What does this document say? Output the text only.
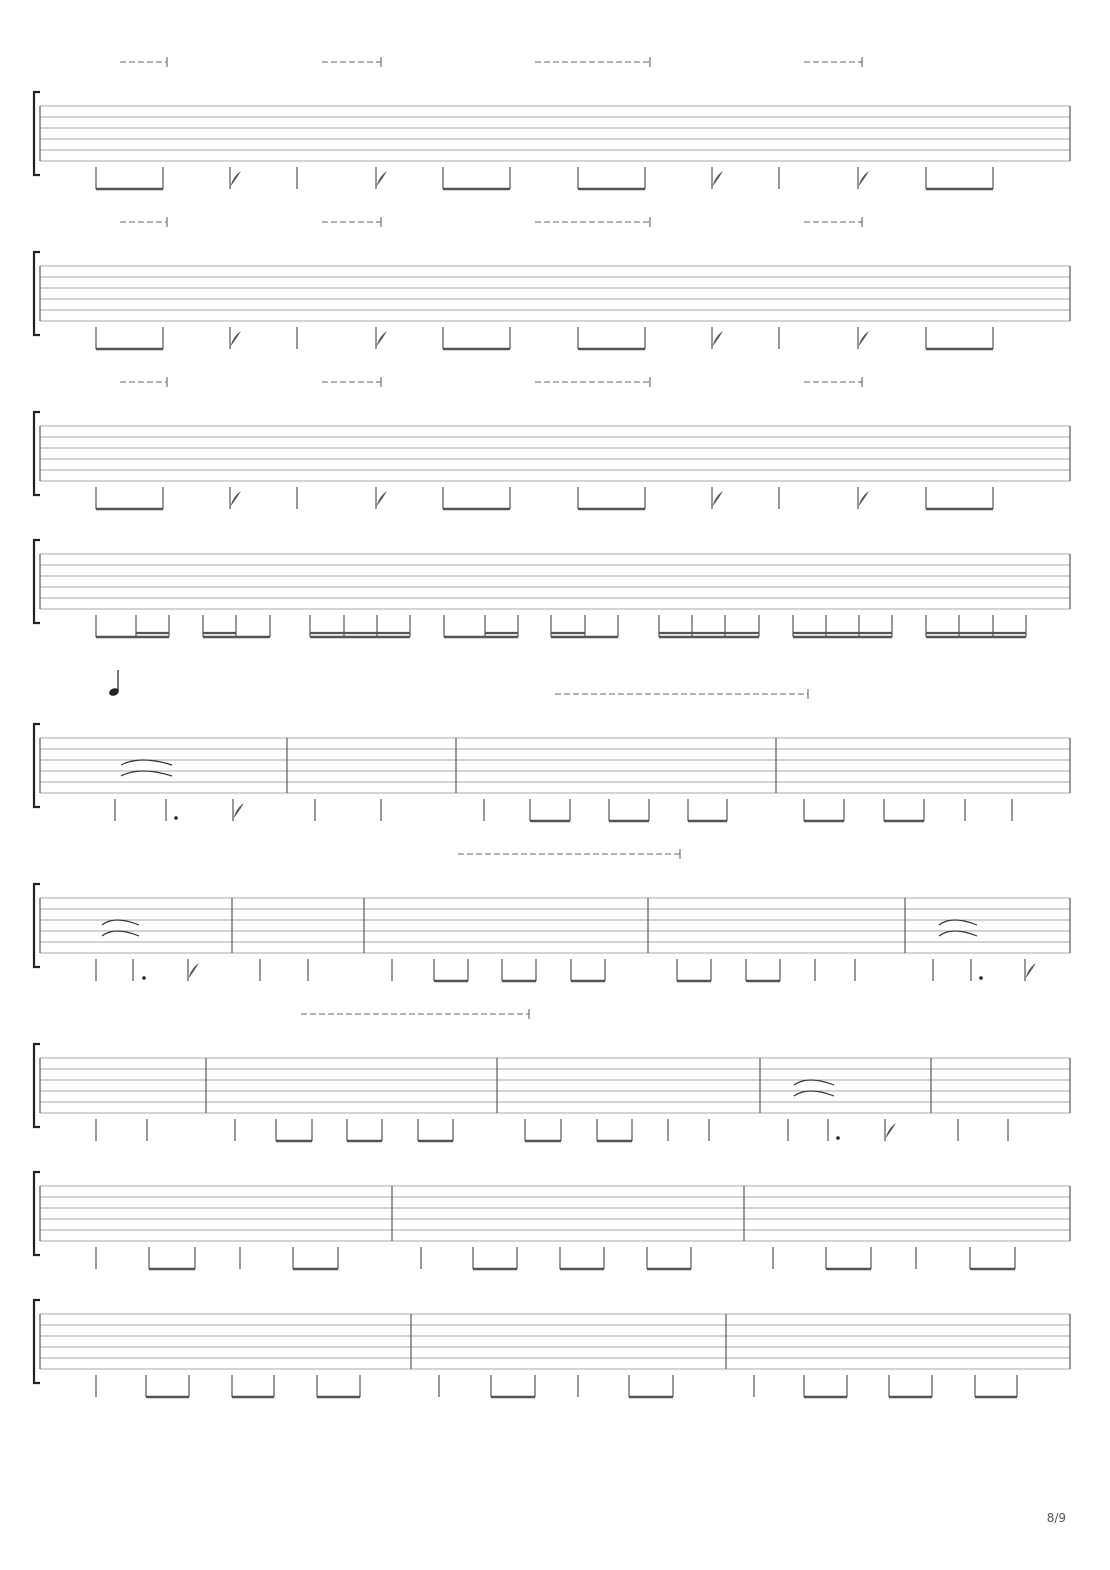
8/9
